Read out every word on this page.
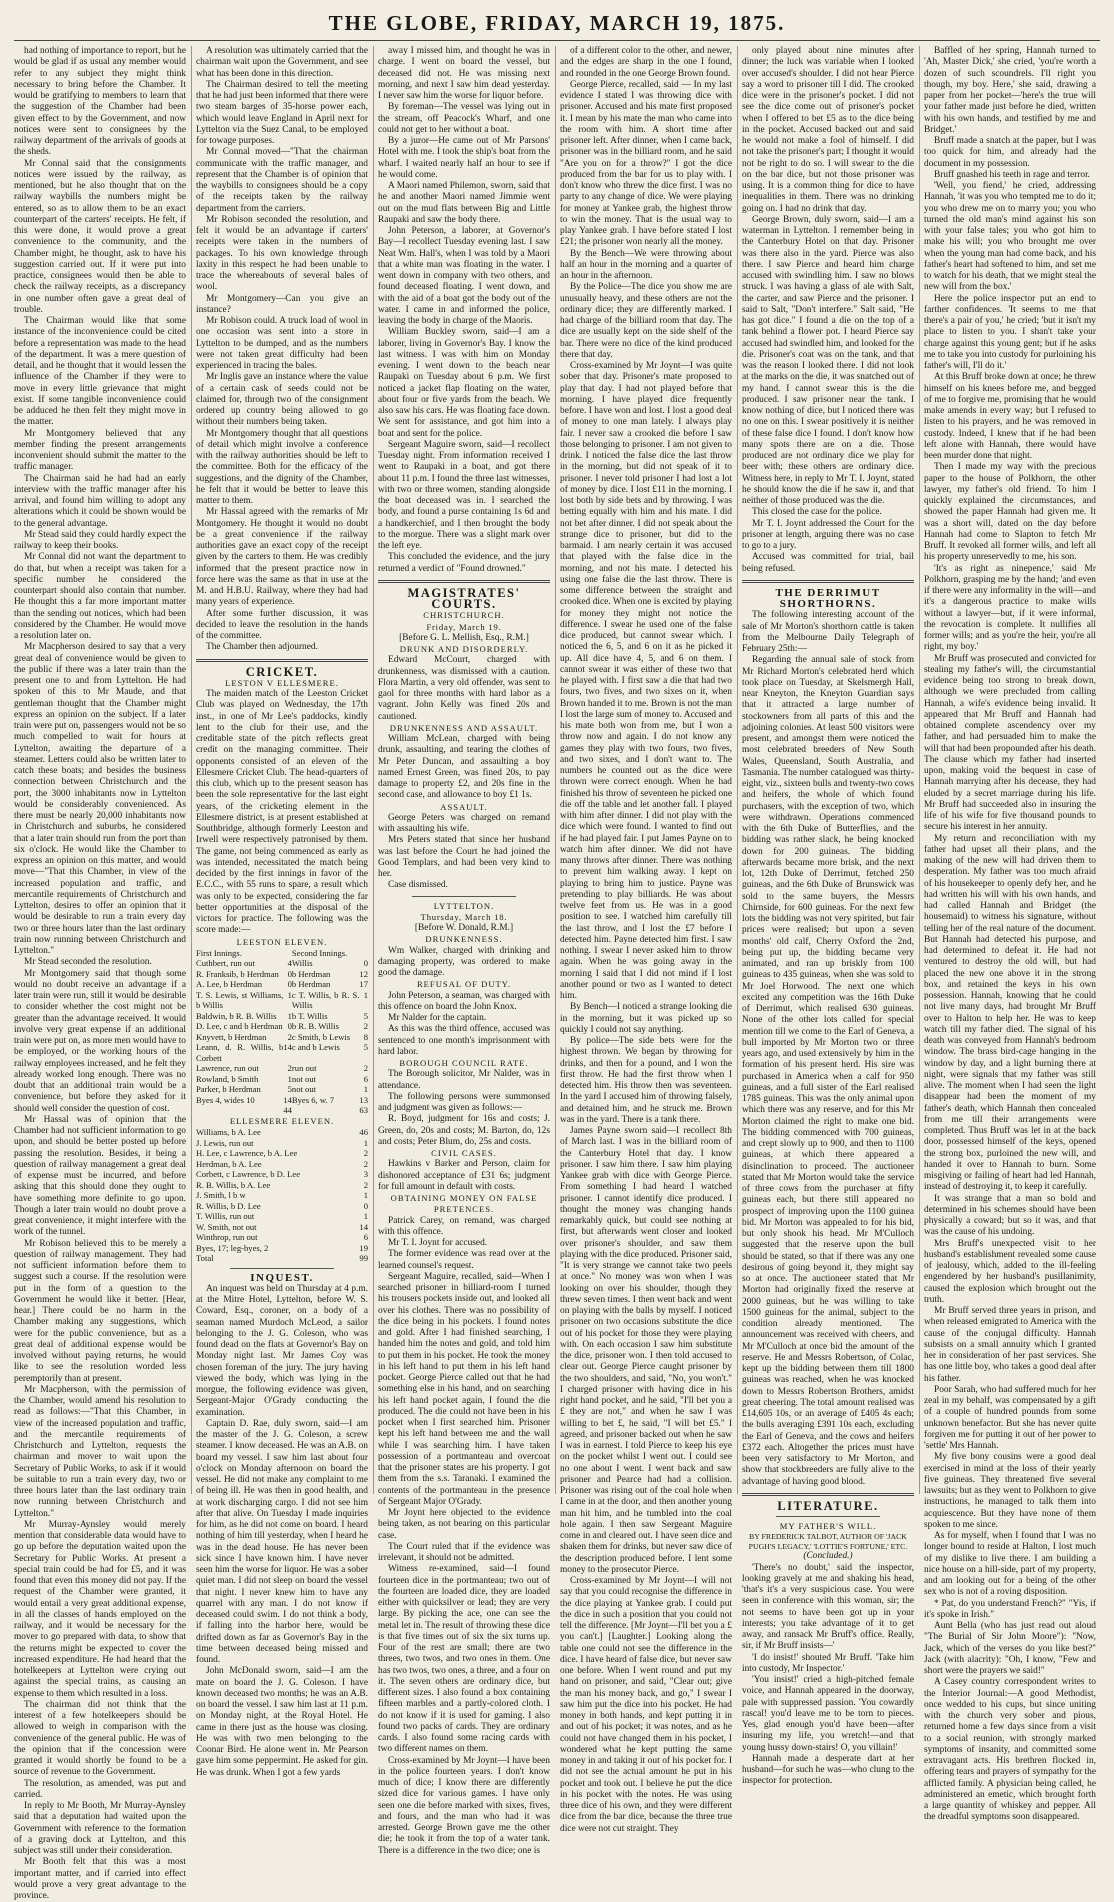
THE GLOBE, FRIDAY, MARCH 19, 1875.

had nothing of importance to report, but he would be glad if as usual any member would refer to any subject they might think necessary to bring before the Chamber. It would be gratifying to members to learn that the suggestion of the Chamber had been given effect to by the Government, and now notices were sent to consignees by the railway department of the arrivals of goods at the sheds.

Mr Connal said that the consignments notices were issued by the railway, as mentioned, but he also thought that on the railway waybills the numbers might be entered, so as to allow them to be an exact counterpart of the carters' receipts. He felt, if this were done, it would prove a great convenience to the community, and the Chamber might, he thought, ask to have his suggestion carried out. If it were put into practice, consignees would then be able to check the railway receipts, as a discrepancy in one number often gave a great deal of trouble.

The Chairman would like that some instance of the inconvenience could be cited before a representation was made to the head of the department. It was a mere question of detail, and he thought that it would lessen the influence of the Chamber if they were to move in every little grievance that might exist. If some tangible inconvenience could be adduced he then felt they might move in the matter.

Mr Montgomery believed that any member finding the present arrangements inconvenient should submit the matter to the traffic manager.

The Chairman said he had had an early interview with the traffic manager after his arrival, and found him willing to adopt any alterations which it could be shown would be to the general advantage.

Mr Stead said they could hardly expect the railway to keep their books.

Mr Connal did not want the department to do that, but when a receipt was taken for a specific number he considered the counterpart should also contain that number. He thought this a far more important matter than the sending out notices, which had been considered by the Chamber. He would move a resolution later on.

Mr Macpherson desired to say that a very great deal of convenience would be given to the public if there was a later train than the present one to and from Lyttelton. He had spoken of this to Mr Maude, and that gentleman thought that the Chamber might express an opinion on the subject. If a later train were put on, passengers would not be so much compelled to wait for hours at Lyttelton, awaiting the departure of a steamer. Letters could also be written later to catch these boats; and besides the business connection between Christchurch and the port, the 3000 inhabitants now in Lyttelton would be considerably convenienced. As there must be nearly 20,000 inhabitants now in Christchurch and suburbs, he considered that a later train should run from the port than six o'clock. He would like the Chamber to express an opinion on this matter, and would move—"That this Chamber, in view of the increased population and traffic, and mercantile requirements of Christchurch and Lyttelton, desires to offer an opinion that it would be desirable to run a train every day two or three hours later than the last ordinary train now running between Christchurch and Lyttelton."

Mr Stead seconded the resolution.

Mr Montgomery said that though some would no doubt receive an advantage if a later train were run, still it would be desirable to consider whether the cost might not be greater than the advantage received. It would involve very great expense if an additional train were put on, as more men would have to be employed, or the working hours of the railway employees increased, and he felt they already worked long enough. There was no doubt that an additional train would be a convenience, but before they asked for it should well consider the question of cost.

Mr Hassal was of opinion that the Chamber had not sufficient information to go upon, and should be better posted up before passing the resolution. Besides, it being a question of railway management a great deal of expense must be incurred, and before asking that this should done they ought to have something more definite to go upon. Though a later train would no doubt prove a great convenience, it might interfere with the work of the tunnel.

Mr Robison believed this to be merely a question of railway management. They had not sufficient information before them to suggest such a course. If the resolution were put in the form of a question to the Government he would like it better. [Hear, hear.] There could be no harm in the Chamber making any suggestions, which were for the public convenience, but as a great deal of additional expense would be involved without paying returns, he would like to see the resolution worded less peremptorily than at present.

Mr Macpherson, with the permission of the Chamber, would amend his resolution to read as follows:—"That this Chamber, in view of the increased population and traffic, and the mercantile requirements of Christchurch and Lyttelton, requests the chairman and mover to wait upon the Secretary of Public Works, to ask if it would be suitable to run a train every day, two or three hours later than the last ordinary train now running between Christchurch and Lyttelton."

Mr Murray-Aynsley would merely mention that considerable data would have to go up before the deputation waited upon the Secretary for Public Works. At present a special train could be had for £5, and it was found that even this money did not pay. If the request of the Chamber were granted, it would entail a very great additional expense, in all the classes of hands employed on the railway, and it would be necessary for the mover to go prepared with data, to show that the returns might be expected to cover the increased expenditure. He had heard that the hotelkeepers at Lyttelton were crying out against the special trains, as causing an expense to them which resulted in a loss.

The chairman did not think that the interest of a few hotelkeepers should be allowed to weigh in comparison with the convenience of the general public. He was of the opinion that if the concession were granted it would shortly be found to be a source of revenue to the Government.

The resolution, as amended, was put and carried.

In reply to Mr Booth, Mr Murray-Aynsley said that a deputation had waited upon the Government with reference to the formation of a graving dock at Lyttelton, and this subject was still under their consideration.

Mr Booth felt that this was a most important matter, and if carried into effect would prove a very great advantage to the province.

A resolution was ultimately carried that the chairman wait upon the Government, and see what has been done in this direction.

The Chairman desired to tell the meeting that he had just been informed that there were two steam barges of 35-horse power each, which would leave England in April next for Lyttelton via the Suez Canal, to be employed for towage purposes.

Mr Connal moved—"That the chairman communicate with the traffic manager, and represent that the Chamber is of opinion that the waybills to consignees should be a copy of the receipts taken by the railway department from the carriers.

Mr Robison seconded the resolution, and felt it would be an advantage if carters' receipts were taken in the numbers of packages. To his own knowledge through laxity in this respect he had been unable to trace the whereabouts of several bales of wool.

Mr Montgomery—Can you give an instance?

Mr Robison could. A truck load of wool in one occasion was sent into a store in Lyttelton to be dumped, and as the numbers were not taken great difficulty had been experienced in tracing the bales.

Mr Inglis gave an instance where the value of a certain cask of seeds could not be claimed for, through two of the consignment ordered up country being allowed to go without their numbers being taken.

Mr Montgomery thought that all questions of detail which might involve a conference with the railway authorities should be left to the committee. Both for the efficacy of the suggestions, and the dignity of the Chamber, he felt that it would be better to leave this matter to them.

Mr Hassal agreed with the remarks of Mr Montgomery. He thought it would no doubt be a great convenience if the railway authorities gave an exact copy of the receipt given by the carters to them. He was credibly informed that the present practice now in force here was the same as that in use at the M. and H.B.U. Railway, where they had had many years of experience.

After some further discussion, it was decided to leave the resolution in the hands of the committee.

The Chamber then adjourned.

CRICKET.

LESTON V ELLESMERE.

The maiden match of the Leeston Cricket Club was played on Wednesday, the 17th inst., in one of Mr Lee's paddocks, kindly lent to the club for their use, and the creditable state of the pitch reflects great credit on the managing committee. Their opponents consisted of an eleven of the Ellesmere Cricket Club. The head-quarters of this club, which up to the present season has been the sole representative for the last eight years, of the cricketing element in the Ellesmere district, is at present established at Southbridge, although formerly Leeston and Irwell were respectively patronised by them. The game, not being commenced as early as was intended, necessitated the match being decided by the first innings in favor of the E.C.C., with 55 runs to spare, a result which was only to be expected, considering the far better opportunities at the disposal of the victors for practice. The following was the score made:—

LEESTON ELEVEN.

First Innings.		Second Innings.	
Cuthbert, run out	4	Willis	0
R. Franksib, b Herdman	0	b Herdman	12
A. Lee, b Herdman	0	b Herdman	17
T. S. Lewis, st Williams, b Willis	1	c T. Willis, b R. S. Willis	1
Baldwin, b R. B. Willis	1	b T. Willis	5
D. Lee, c and b Herdman	0	b R. B. Willis	2
Knyvett, b Herdman	2	c Smith, b Lewis	8
Leann, d. R. Willis, b Corbett	14	c and b Lewis	5
Lawrence, run out	2	run out	2
Rowland, b Smith	1	not out	6
Parker, b Herdman	5	not out	1
Byes 4, wides 10	14	Byes 6, w. 7	13
	44		63

ELLESMERE ELEVEN.

Williams, b A. Lee	46
J. Lewis, run out	1
H. Lee, c Lawrence, b A. Lee	2
Herdman, b A. Lee	2
Corbett, c Lawrence, b D. Lee	3
R. B. Willis, b A. Lee	2
J. Smith, l b w	1
R. Willis, b D. Lee	0
T. Willis, run out	1
W. Smith, not out	14
Winthrop, run out	6
Byes, 17; leg-byes, 2	19
Total	99

INQUEST.

An inquest was held on Thursday at 4 p.m. at the Mitre Hotel, Lyttelton, before W. S. Coward, Esq., coroner, on a body of a seaman named Murdoch McLeod, a sailor belonging to the J. G. Coleson, who was found dead on the flats at Governor's Bay on Monday night last. Mr James Coy was chosen foreman of the jury. The jury having viewed the body, which was lying in the morgue, the following evidence was given, Sergeant-Major O'Grady conducting the examination.

Captain D. Rae, duly sworn, said—I am the master of the J. G. Coleson, a screw steamer. I know deceased. He was an A.B. on board my vessel. I saw him last about four o'clock on Monday afternoon on board the vessel. He did not make any complaint to me of being ill. He was then in good health, and at work discharging cargo. I did not see him after that alive. On Tuesday I made inquiries for him, as he did not come on board. I heard nothing of him till yesterday, when I heard he was in the dead house. He has never been sick since I have known him. I have never seen him the worse for liquor. He was a sober quiet man. I did not sleep on board the vessel that night. I never knew him to have any quarrel with any man. I do not know if deceased could swim. I do not think a body, if falling into the harbor here, would be drifted down as far as Governor's Bay in the time between deceased being missed and found.

John McDonald sworn, said—I am the mate on board the J. G. Coleson. I have known deceased two months; he was an A.B. on board the vessel. I saw him last at 11 p.m. on Monday night, at the Royal Hotel. He came in there just as the house was closing. He was with two men belonging to the Coonar Bird. He alone went in. Mr Pearson gave him some peppermint. He asked for gin. He was drunk. When I got a few yards

away I missed him, and thought he was in charge. I went on board the vessel, but deceased did not. He was missing next morning, and next I saw him dead yesterday. I never saw him the worse for liquor before.

By foreman—The vessel was lying out in the stream, off Peacock's Wharf, and one could not get to her without a boat.

By a juror—He came out of Mr Parsons' Hotel with me. I took the ship's boat from the wharf. I waited nearly half an hour to see if he would come.

A Maori named Philemon, sworn, said that he and another Maori named Jimmie went out on the mud flats between Big and Little Raupaki and saw the body there.

John Peterson, a laborer, at Governor's Bay—I recollect Tuesday evening last. I saw Neat Wm. Hall's, when I was told by a Maori that a white man was floating in the water. I went down in company with two others, and found deceased floating. I went down, and with the aid of a boat got the body out of the water. I came in and informed the police, leaving the body in charge of the Maoris.

William Buckley sworn, said—I am a laborer, living in Governor's Bay. I know the last witness. I was with him on Monday evening. I went down to the beach near Raupaki on Tuesday about 6 p.m. We first noticed a jacket flap floating on the water, about four or five yards from the beach. We also saw his cars. He was floating face down. We sent for assistance, and got him into a boat and sent for the police.

Sergeant Maguire sworn, said—I recollect Tuesday night. From information received I went to Raupaki in a boat, and got there about 11 p.m. I found the three last witnesses, with two or three women, standing alongside the boat deceased was in. I searched the body, and found a purse containing 1s 6d and a handkerchief, and I then brought the body to the morgue. There was a slight mark over the left eye.

This concluded the evidence, and the jury returned a verdict of "Found drowned."

MAGISTRATES' COURTS.

CHRISTCHURCH.

Friday, March 19.

[Before G. L. Mellish, Esq., R.M.]

DRUNK AND DISORDERLY.

Edward McCourt, charged with drunkenness, was dismissed with a caution. Flora Martin, a very old offender, was sent to gaol for three months with hard labor as a vagrant. John Kelly was fined 20s and cautioned.

DRUNKENNESS AND ASSAULT.

William McLean, charged with being drunk, assaulting, and tearing the clothes of Mr Peter Duncan, and assaulting a boy named Ernest Green, was fined 20s, to pay damage to property £2, and 20s fine in the second case, and allowance to boy £1 1s.

ASSAULT.

George Peters was charged on remand with assaulting his wife.

Mrs Peters stated that since her husband was last before the Court he had joined the Good Templars, and had been very kind to her.

Case dismissed.

LYTTELTON.

Thursday, March 18.

[Before W. Donald, R.M.]

DRUNKENNESS.

Wm Walker, charged with drinking and damaging property, was ordered to make good the damage.

REFUSAL OF DUTY.

John Peterson, a seaman, was charged with this offence on board the John Knox.

Mr Nalder for the captain.

As this was the third offence, accused was sentenced to one month's imprisonment with hard labor.

BOROUGH COUNCIL RATE.

The Borough solicitor, Mr Nalder, was in attendance.

The following persons were summonsed and judgment was given as follows:—

R. Boyd, judgment for 16s and costs; J. Green, do, 20s and costs; M. Barton, do, 12s and costs; Peter Blum, do, 25s and costs.

CIVIL CASES.

Hawkins v Barker and Person, claim for dishonored acceptance of £31 6s; judgment for full amount in default with costs.

OBTAINING MONEY ON FALSE PRETENCES.

Patrick Carey, on remand, was charged with this offence.

Mr T. I. Joynt for accused.

The former evidence was read over at the learned counsel's request.

Sergeant Maguire, recalled, said—When I searched prisoner in billiard-room I turned his trousers pockets inside out, and looked all over his clothes. There was no possibility of the dice being in his pockets. I found notes and gold. After I had finished searching, I handed him the notes and gold, and told him to put them in his pocket. He took the money in his left hand to put them in his left hand pocket. George Pierce called out that he had something else in his hand, and on searching his left hand pocket again, I found the die produced. The die could not have been in his pocket when I first searched him. Prisoner kept his left hand between me and the wall while I was searching him. I have taken possession of a portmanteau and overcoat that the prisoner states are his property. I got them from the s.s. Taranaki. I examined the contents of the portmanteau in the presence of Sergeant Major O'Grady.

Mr Joynt here objected to the evidence being taken, as not bearing on this particular case.

The Court ruled that if the evidence was irrelevant, it should not be admitted.

Witness re-examined, said—I found fourteen dice in the portmanteau; two out of the fourteen are loaded dice, they are loaded either with quicksilver or lead; they are very large. By picking the ace, one can see the metal let in. The result of throwing these dice is that five times out of six the six turns up. Four of the rest are small; there are two threes, two twos, and two ones in them. One has two twos, two ones, a three, and a four on it. The seven others are ordinary dice, but different sizes. I also found a box containing fifteen marbles and a partly-colored cloth. I do not know if it is used for gaming. I also found two packs of cards. They are ordinary cards. I also found some racing cards with two different names on them.

Cross-examined by Mr Joynt—I have been in the police fourteen years. I don't know much of dice; I know there are differently sized dice for various games. I have only seen one die before marked with sixes, fives, and fours, and the man who had it was arrested. George Brown gave me the other die; he took it from the top of a water tank. There is a difference in the two dice; one is

of a different color to the other, and newer, and the edges are sharp in the one I found, and rounded in the one George Brown found.

George Pierce, recalled, said — In my last evidence I stated I was throwing dice with prisoner. Accused and his mate first proposed it. I mean by his mate the man who came into the room with him. A short time after prisoner left. After dinner, when I came back, prisoner was in the billiard room, and he said "Are you on for a throw?" I got the dice produced from the bar for us to play with. I don't know who threw the dice first. I was no party to any change of dice. We were playing for money at Yankee grab, the highest throw to win the money. That is the usual way to play Yankee grab. I have before stated I lost £21; the prisoner won nearly all the money.

By the Bench—We were throwing about half an hour in the morning and a quarter of an hour in the afternoon.

By the Police—The dice you show me are unusually heavy, and these others are not the ordinary dice; they are differently marked. I had charge of the billiard room that day. The dice are usually kept on the side shelf of the bar. There were no dice of the kind produced there that day.

Cross-examined by Mr Joynt—I was quite sober that day. Prisoner's mate proposed to play that day. I had not played before that morning. I have played dice frequently before. I have won and lost. I lost a good deal of money to one man lately. I always play fair. I never saw a crooked die before I saw those belonging to prisoner. I am not given to drink. I noticed the false dice the last throw in the morning, but did not speak of it to prisoner. I never told prisoner I had lost a lot of money by dice. I lost £11 in the morning. I lost both by side bets and by throwing. I was betting equally with him and his mate. I did not bet after dinner. I did not speak about the strange dice to prisoner, but did to the barmaid. I am nearly certain it was accused that played with the false dice in the morning, and not his mate. I detected his using one false die the last throw. There is some difference between the straight and crooked dice. When one is excited by playing for money they might not notice the difference. I swear he used one of the false dice produced, but cannot swear which. I noticed the 6, 5, and 6 on it as he picked it up. All dice have 4, 5, and 6 on them. I cannot swear it was either of these two that he played with. I first saw a die that had two fours, two fives, and two sixes on it, when Brown handed it to me. Brown is not the man I lost the large sum of money to. Accused and his mate both won from me, but I won a throw now and again. I do not know any games they play with two fours, two fives, and two sixes, and I don't want to. The numbers he counted out as the dice were thrown were correct enough. When he had finished his throw of seventeen he picked one die off the table and let another fall. I played with him after dinner. I did not play with the dice which were found. I wanted to find out if he had played fair. I put James Payne on to watch him after dinner. We did not have many throws after dinner. There was nothing to prevent him walking away. I kept on playing to bring him to justice. Payne was pretending to play billiards. He was about twelve feet from us. He was in a good position to see. I watched him carefully till the last throw, and I lost the £7 before I detected him. Payne detected him first. I saw nothing. I swear I never asked him to throw again. When he was going away in the morning I said that I did not mind if I lost another pound or two as I wanted to detect him.

By Bench—I noticed a strange looking die in the morning, but it was picked up so quickly I could not say anything.

By police—The side bets were for the highest thrown. We began by throwing for drinks, and then for a pound, and I won the first throw. He had the first throw when I detected him. His throw then was seventeen. In the yard I accused him of throwing falsely, and detained him, and he struck me. Brown was in the yard. There is a tank there.

James Payne sworn said—I recollect 8th of March last. I was in the billiard room of the Canterbury Hotel that day. I know prisoner. I saw him there. I saw him playing Yankee grab with dice with George Pierce. From something I had heard I watched prisoner. I cannot identify dice produced. I thought the money was changing hands remarkably quick, but could see nothing at first, but afterwards went closer and looked over prisoner's shoulder, and saw them playing with the dice produced. Prisoner said, "It is very strange we cannot take two peels at once." No money was won when I was looking on over his shoulder, though they threw seven times. I then went back and went on playing with the balls by myself. I noticed prisoner on two occasions substitute the dice out of his pocket for those they were playing with. On each occasion I saw him substitute the dice, prisoner won. I then told accused to clear out. George Pierce caught prisoner by the two shoulders, and said, "No, you won't." I charged prisoner with having dice in his right hand pocket, and he said, "I'll bet you a £ they are not," and when he saw I was willing to bet £, he said, "I will bet £5." I agreed, and prisoner backed out when he saw I was in earnest. I told Pierce to keep his eye on the pocket whilst I went out. I could see no one about I went. I went back and saw prisoner and Pearce had had a collision. Prisoner was rising out of the coal hole when I came in at the door, and then another young man hit him, and he tumbled into the coal hole again. I then saw Sergeant Maguire come in and cleared out. I have seen dice and shaken them for drinks, but never saw dice of the description produced before. I lent some money to the prosecutor Pierce.

Cross-examined by Mr Joynt—I will not say that you could recognise the difference in the dice playing at Yankee grab. I could put the dice in such a position that you could not tell the difference. [Mr Joynt—I'll bet you a £ you can't.] [Laughter.] Looking along the table one could not see the difference in the dice. I have heard of false dice, but never saw one before. When I went round and put my hand on prisoner, and said, "Clear out; give the man his money back, and go," I swear I saw him put the dice into his pocket. He had money in both hands, and kept putting it in and out of his pocket; it was notes, and as he could not have changed them in his pocket, I wondered what he kept putting the same money in and taking it out of his pocket for. I did not see the actual amount he put in his pocket and took out. I believe he put the dice in his pocket with the notes. He was using three dice of his own, and they were different dice from the bar dice, because the three true dice were not cut straight. They

only played about nine minutes after dinner; the luck was variable when I looked over accused's shoulder. I did not hear Pierce say a word to prisoner till I did. The crooked dice were in the prisoner's pocket. I did not see the dice come out of prisoner's pocket when I offered to bet £5 as to the dice being in the pocket. Accused backed out and said he would not make a fool of himself. I did not take the prisoner's part; I thought it would not be right to do so. I will swear to the die on the bar dice, but not those prisoner was using. It is a common thing for dice to have inequalities in them. There was no drinking going on. I had no drink that day.

George Brown, duly sworn, said—I am a waterman in Lyttelton. I remember being in the Canterbury Hotel on that day. Prisoner was there also in the yard. Pierce was also there. I saw Pierce and heard him charge accused with swindling him. I saw no blows struck. I was having a glass of ale with Salt, the carter, and saw Pierce and the prisoner. I said to Salt, "Don't interfere." Salt said, "He has got dice." I found a die on the top of a tank behind a flower pot. I heard Pierce say accused had swindled him, and looked for the die. Prisoner's coat was on the tank, and that was the reason I looked there. I did not look at the marks on the die, it was snatched out of my hand. I cannot swear this is the die produced. I saw prisoner near the tank. I know nothing of dice, but I noticed there was no one on this. I swear positively it is neither of these false dice I found. I don't know how many spots there are on a die. Those produced are not ordinary dice we play for beer with; these others are ordinary dice. Witness here, in reply to Mr T. I. Joynt, stated he should know the die if he saw it, and that neither of those produced was the die.

This closed the case for the police.

Mr T. I. Joynt addressed the Court for the prisoner at length, arguing there was no case to go to a jury.

Accused was committed for trial, bail being refused.

THE DERRIMUT SHORTHORNS.

The following interesting account of the sale of Mr Morton's shorthorn cattle is taken from the Melbourne Daily Telegraph of February 25th:—

Regarding the annual sale of stock from Mr Richard Morton's celebrated herd which took place on Tuesday, at Skelsmergh Hall, near Kneyton, the Kneyton Guardian says that it attracted a large number of stockowners from all parts of this and the adjoining colonies. At least 500 visitors were present, and amongst them were noticed the most celebrated breeders of New South Wales, Queensland, South Australia, and Tasmania. The number catalogued was thirty-eight, viz., sixteen bulls and twenty-two cows and heifers, the whole of which found purchasers, with the exception of two, which were withdrawn. Operations commenced with the 6th Duke of Butterflies, and the bidding was rather slack, he being knocked down for 200 guineas. The bidding afterwards became more brisk, and the next lot, 12th Duke of Derrimut, fetched 250 guineas, and the 6th Duke of Brunswick was sold to the same buyers, the Messrs Chirnside, for 600 guineas. For the next few lots the bidding was not very spirited, but fair prices were realised; but upon a seven months' old calf, Cherry Oxford the 2nd, being put up, the bidding became very animated, and ran up briskly from 100 guineas to 435 guineas, when she was sold to Mr Joel Horwood. The next one which excited any competition was the 16th Duke of Derrimut, which realised 630 guineas. None of the other lots called for special mention till we come to the Earl of Geneva, a bull imported by Mr Morton two or three years ago, and used extensively by him in the formation of his present herd. His sire was purchased in America when a calf for 950 guineas, and a full sister of the Earl realised 1785 guineas. This was the only animal upon which there was any reserve, and for this Mr Morton claimed the right to make one bid. The bidding commenced with 700 guineas, and crept slowly up to 900, and then to 1100 guineas, at which there appeared a disinclination to proceed. The auctioneer stated that Mr Morton would take the service of three cows from the purchaser at fifty guineas each, but there still appeared no prospect of improving upon the 1100 guinea bid. Mr Morton was appealed to for his bid, but only shook his head. Mr M'Culloch suggested that the reserve upon the bull should be stated, so that if there was any one desirous of going beyond it, they might say so at once. The auctioneer stated that Mr Morton had originally fixed the reserve at 2000 guineas, but he was willing to take 1500 guineas for the animal, subject to the condition already mentioned. The announcement was received with cheers, and Mr M'Culloch at once bid the amount of the reserve. He and Messrs Robertson, of Colac, kept up the bidding between them till 1800 guineas was reached, when he was knocked down to Messrs Robertson Brothers, amidst great cheering. The total amount realised was £14,605 10s, or an average of £405 4s each; the bulls averaging £391 10s each, excluding the Earl of Geneva, and the cows and heifers £372 each. Altogether the prices must have been very satisfactory to Mr Morton, and show that stockbreeders are fully alive to the advantage of having good blood.

LITERATURE.

MY FATHER'S WILL.

BY FREDERICK TALBOT, AUTHOR OF 'JACK PUGH'S LEGACY,' 'LOTTIE'S FORTUNE,' ETC.

(Concluded.)

'There's no doubt,' said the inspector, looking gravely at me and shaking his head, 'that's it's a very suspicious case. You were seen in conference with this woman, sir; the not seems to have been got up in your interests; you take advantage of it to get away, and ransack Mr Bruff's office. Really, sir, if Mr Bruff insists—'

'I do insist!' shouted Mr Bruff. 'Take him into custody, Mr Inspector.'

'You insist!' cried a high-pitched female voice, and Hannah appeared in the doorway, pale with suppressed passion. 'You cowardly rascal! you'd leave me to be torn to pieces. Yes, glad enough you'd have been—after insuring my life, you wretch!—and that young hussy down-stairs! O, you villain!'

Hannah made a desperate dart at her husband—for such he was—who clung to the inspector for protection.

Baffled of her spring, Hannah turned to 'Ah, Master Dick,' she cried, 'you're worth a dozen of such scoundrels. I'll right you though, my boy. Here,' she said, drawing a paper from her pocket—'here's the true will your father made just before he died, written with his own hands, and testified by me and Bridget.'

Bruff made a snatch at the paper, but I was too quick for him, and already had the document in my possession.

Bruff gnashed his teeth in rage and terror.

'Well, you fiend,' he cried, addressing Hannah, 'it was you who tempted me to do it; you who drew me on to marry you; you who turned the old man's mind against his son with your false tales; you who got him to make his will; you who brought me over when the young man had come back, and his father's heart had softened to him, and set me to watch for his death, that we might steal the new will from the box.'

Here the police inspector put an end to farther confidences. 'It seems to me that there's a pair of you,' he cried; 'but it isn't my place to listen to you. I shan't take your charge against this young gent; but if he asks me to take you into custody for purloining his father's will, I'll do it.'

At this Bruff broke down at once; he threw himself on his knees before me, and begged of me to forgive me, promising that he would make amends in every way; but I refused to listen to his prayers, and he was removed in custody. Indeed, I knew that if he had been left alone with Hannah, there would have been murder done that night.

Then I made my way with the precious paper to the house of Polkhorn, the other lawyer, my father's old friend. To him I quickly explained the circumstances, and showed the paper Hannah had given me. It was a short will, dated on the day before Hannah had come to Slapton to fetch Mr Bruff. It revoked all former wills, and left all his property unreservedly to me, his son.

'It's as right as ninepence,' said Mr Polkhorn, grasping me by the hand; 'and even if there were any informality in the will—and it's a dangerous practice to make wills without a lawyer—but, if it were informal, the revocation is complete. It nullifies all former wills; and as you're the heir, you're all right, my boy.'

Mr Bruff was prosecuted and convicted for stealing my father's will, the circumstantial evidence being too strong to break down, although we were precluded from calling Hannah, a wife's evidence being invalid. It appeared that Mr Bruff and Hannah had obtained complete ascendency over my father, and had persuaded him to make the will that had been propounded after his death. The clause which my father had inserted upon, making void the bequest in case of Hannah marrying after his decease, they had eluded by a secret marriage during his life. Mr Bruff had succeeded also in insuring the life of his wife for five thousand pounds to secure his interest in her annuity.

My return and reconciliation with my father had upset all their plans, and the making of the new will had driven them to desperation. My father was too much afraid of his housekeeper to openly defy her, and he had written his will with his own hands, and had called Hannah and Bridget (the housemaid) to witness his signature, without telling her of the real nature of the document. But Hannah had detected his purpose, and had determined to defeat it. He had not ventured to destroy the old will, but had placed the new one above it in the strong box, and retained the keys in his own possession. Hannah, knowing that he could not live many days, had brought Mr Bruff over to Halton to help her. He was to keep watch till my father died. The signal of his death was conveyed from Hannah's bedroom window. The brass bird-cage hanging in the window by day, and a light burning there at night, were signals that my father was still alive. The moment when I had seen the light disappear had been the moment of my father's death, which Hannah then concealed from me till their arrangements were completed. Thus Bruff was let in at the back door, possessed himself of the keys, opened the strong box, purloined the new will, and handed it over to Hannah to burn. Some misgiving or failing of heart had led Hannah, instead of destroying it, to keep it carefully.

It was strange that a man so bold and determined in his schemes should have been physically a coward; but so it was, and that was the cause of his undoing.

Mrs Bruff's unexpected visit to her husband's establishment revealed some cause of jealousy, which, added to the ill-feeling engendered by her husband's pusillanimity, caused the explosion which brought out the truth.

Mr Bruff served three years in prison, and when released emigrated to America with the cause of the conjugal difficulty. Hannah subsists on a small annuity which I granted her in consideration of her past services. She has one little boy, who takes a good deal after his father.

Poor Sarah, who had suffered much for her zeal in my behalf, was compensated by a gift of a couple of hundred pounds from some unknown benefactor. But she has never quite forgiven me for putting it out of her power to 'settle' Mrs Hannah.

My five bony cousins were a good deal exercised in mind at the loss of their yearly five guineas. They threatened five several lawsuits; but as they went to Polkhorn to give instructions, he managed to talk them into acquiescence. But they have none of them spoken to me since.

As for myself, when I found that I was no longer bound to reside at Halton, I lost much of my dislike to live there. I am building a nice house on a hill-side, part of my property, and am looking out for a being of the other sex who is not of a roving disposition.

* Pat, do you understand French?" "Yis, if it's spoke in Irish."

Aunt Bella (who has just read out aloud "The Burial of Sir John Moore"): "Now, Jack, which of the verses do you like best?" Jack (with alacrity): "Oh, I know, "Few and short were the prayers we said!"

A Casey country correspondent writes to the Interior Journal:—A good Methodist, once wedded to his cups, but since uniting with the church very sober and pious, returned home a few days since from a visit to a social reunion, with strongly marked symptoms of insanity, and committed some extravagant acts. His brethren flocked in, offering tears and prayers of sympathy for the afflicted family. A physician being called, he administered an emetic, which brought forth a large quantity of whiskey and pepper. All the dreadful symptoms soon disappeared.
